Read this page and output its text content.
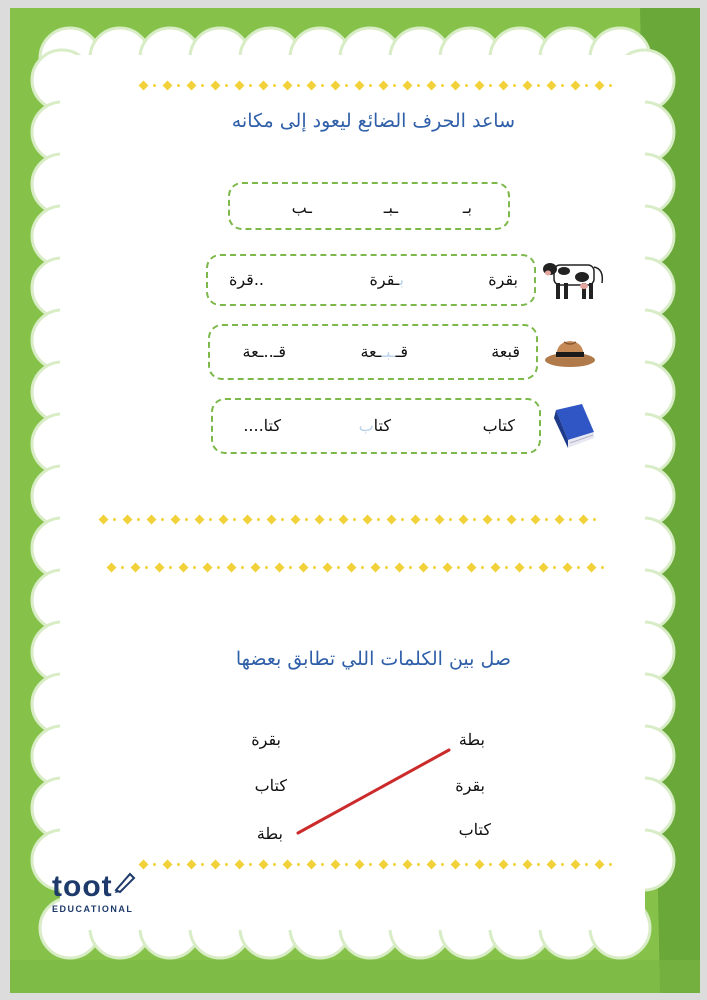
ساعد الحرف الضائع ليعود إلى مكانه
بـ
ـبـ
ـب
بقرة
بـقرة
..قرة
قبعة
قــبــعة
قـ..ـعة
كتاب
كتاب
كتا....
صل بين الكلمات اللي تطابق بعضها
بطة
بقرة
كتاب
بقرة
كتاب
بطة
toot
EDUCATIONAL
